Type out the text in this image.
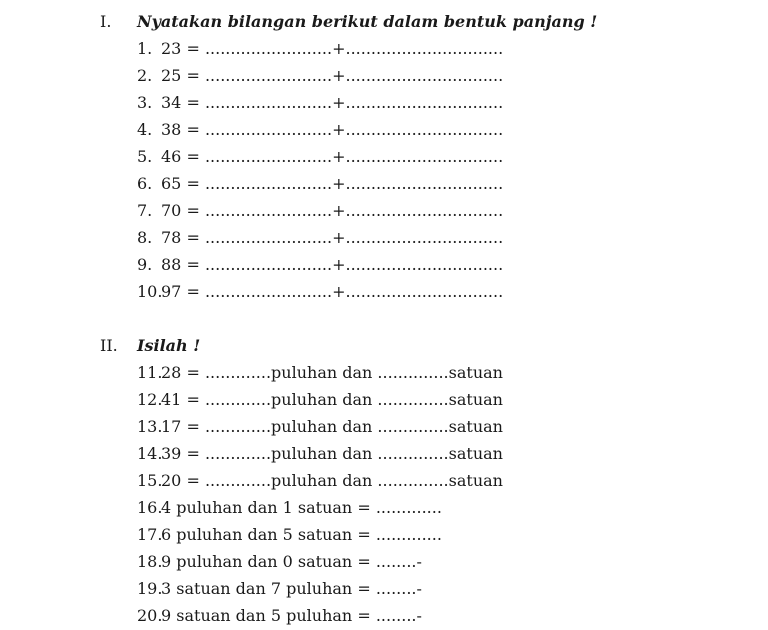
I.	Nyatakan bilangan berikut dalam bentuk panjang !
1. 23 = .........................+...............................
2. 25 = .........................+...............................
3. 34 = .........................+...............................
4. 38 = .........................+...............................
5. 46 = .........................+...............................
6. 65 = .........................+...............................
7. 70 = .........................+...............................
8. 78 = .........................+...............................
9. 88 = .........................+...............................
10.
97 = .........................+...............................
II.	Isilah !
11.
28 = .............puluhan dan ..............satuan
12.
41 = .............puluhan dan ..............satuan
13.
17 = .............puluhan dan ..............satuan
14.
39 = .............puluhan dan ..............satuan
15.
20 = .............puluhan dan ..............satuan
16.
4 puluhan dan 1 satuan = .............
17.
6 puluhan dan 5 satuan = .............
18.
9 puluhan dan 0 satuan = ........-
19.
3 satuan dan 7 puluhan = ........-
20.
9 satuan dan 5 puluhan = ........-
